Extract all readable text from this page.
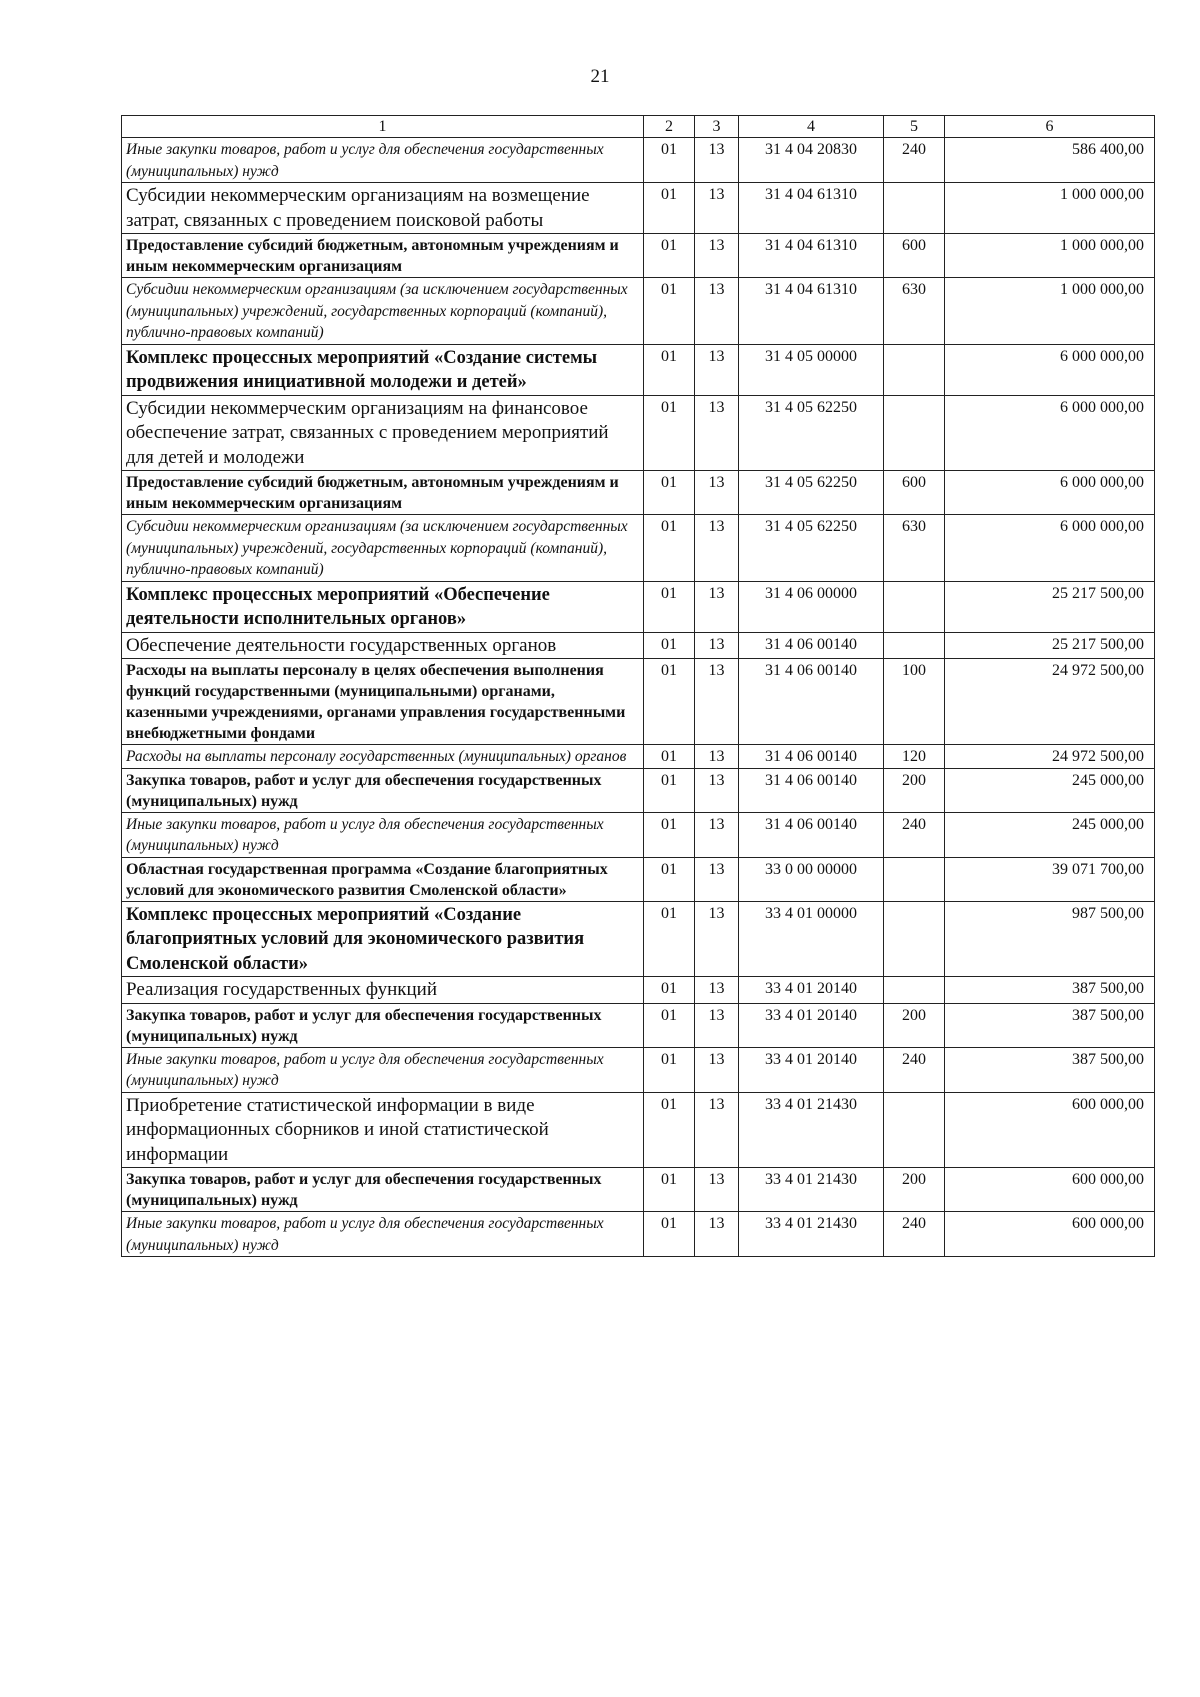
21
1	2	3	4	5	6
Иные закупки товаров, работ и услуг для обеспечения государственных (муниципальных) нужд	01	13	31 4 04 20830	240	586 400,00
Субсидии некоммерческим организациям на возмещение затрат, связанных с проведением поисковой работы	01	13	31 4 04 61310		1 000 000,00
Предоставление субсидий бюджетным, автономным учреждениям и иным некоммерческим организациям	01	13	31 4 04 61310	600	1 000 000,00
Субсидии некоммерческим организациям (за исключением государственных (муниципальных) учреждений, государственных корпораций (компаний), публично-правовых компаний)	01	13	31 4 04 61310	630	1 000 000,00
Комплекс процессных мероприятий «Создание системы продвижения инициативной молодежи и детей»	01	13	31 4 05 00000		6 000 000,00
Субсидии некоммерческим организациям на финансовое обеспечение затрат, связанных с проведением мероприятий для детей и молодежи	01	13	31 4 05 62250		6 000 000,00
Предоставление субсидий бюджетным, автономным учреждениям и иным некоммерческим организациям	01	13	31 4 05 62250	600	6 000 000,00
Субсидии некоммерческим организациям (за исключением государственных (муниципальных) учреждений, государственных корпораций (компаний), публично-правовых компаний)	01	13	31 4 05 62250	630	6 000 000,00
Комплекс процессных мероприятий «Обеспечение деятельности исполнительных органов»	01	13	31 4 06 00000		25 217 500,00
Обеспечение деятельности государственных органов	01	13	31 4 06 00140		25 217 500,00
Расходы на выплаты персоналу в целях обеспечения выполнения функций государственными (муниципальными) органами, казенными учреждениями, органами управления государственными внебюджетными фондами	01	13	31 4 06 00140	100	24 972 500,00
Расходы на выплаты персоналу государственных (муниципальных) органов	01	13	31 4 06 00140	120	24 972 500,00
Закупка товаров, работ и услуг для обеспечения государственных (муниципальных) нужд	01	13	31 4 06 00140	200	245 000,00
Иные закупки товаров, работ и услуг для обеспечения государственных (муниципальных) нужд	01	13	31 4 06 00140	240	245 000,00
Областная государственная программа «Создание благоприятных условий для экономического развития Смоленской области»	01	13	33 0 00 00000		39 071 700,00
Комплекс процессных мероприятий «Создание благоприятных условий для экономического развития Смоленской области»	01	13	33 4 01 00000		987 500,00
Реализация государственных функций	01	13	33 4 01 20140		387 500,00
Закупка товаров, работ и услуг для обеспечения государственных (муниципальных) нужд	01	13	33 4 01 20140	200	387 500,00
Иные закупки товаров, работ и услуг для обеспечения государственных (муниципальных) нужд	01	13	33 4 01 20140	240	387 500,00
Приобретение статистической информации в виде информационных сборников и иной статистической информации	01	13	33 4 01 21430		600 000,00
Закупка товаров, работ и услуг для обеспечения государственных (муниципальных) нужд	01	13	33 4 01 21430	200	600 000,00
Иные закупки товаров, работ и услуг для обеспечения государственных (муниципальных) нужд	01	13	33 4 01 21430	240	600 000,00
